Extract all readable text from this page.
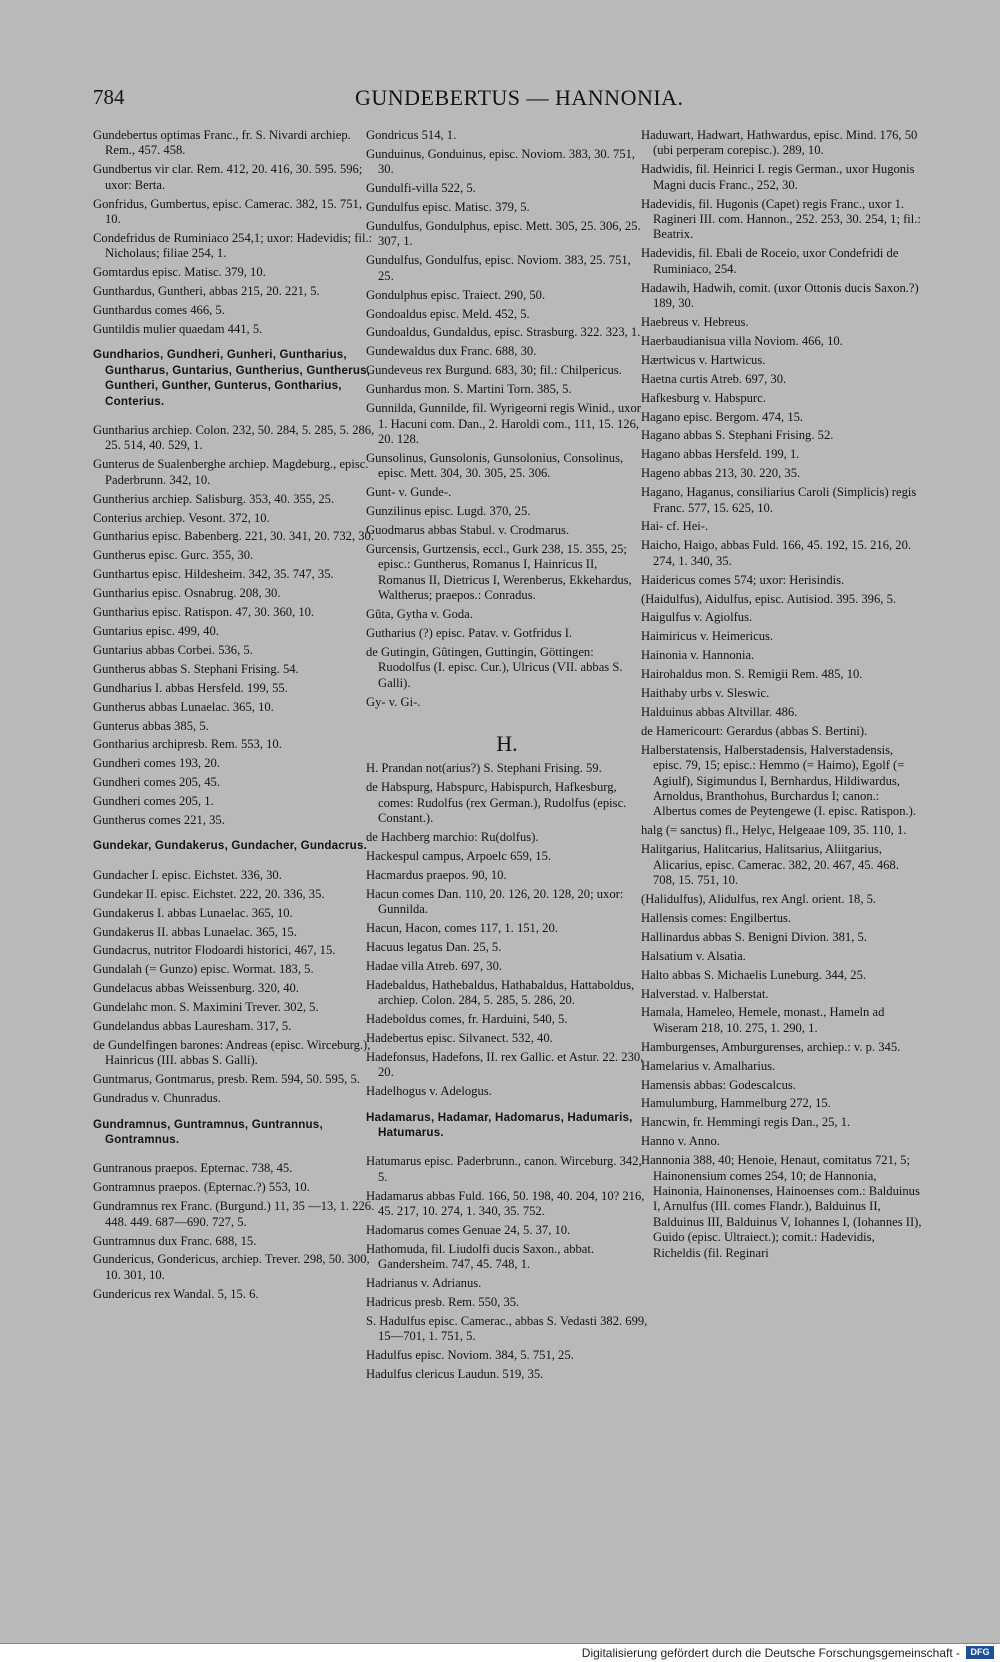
784	GUNDEBERTUS — HANNONIA.
Gundebertus optimas Franc., fr. S. Nivardi archiep. Rem., 457. 458.
Gundbertus vir clar. Rem. 412, 20. 416, 30. 595. 596; uxor: Berta.
Gonfridus, Gumbertus, episc. Camerac. 382, 15. 751, 10.
Condefridus de Ruminiaco 254,1; uxor: Hadevidis; fil.: Nicholaus; filiae 254, 1.
Gomtardus episc. Matisc. 379, 10.
Gunthardus, Guntheri, abbas 215, 20. 221, 5.
Gunthardus comes 466, 5.
Guntildis mulier quaedam 441, 5.
Gundharios, Gundheri, Gunheri, Guntharius, Guntharus, Guntarius, Guntherius, Guntherus, Guntheri, Gunther, Gunterus, Gontharius, Conterius.
Guntharius archiep. Colon. 232, 50. 284, 5. 285, 5. 286, 25. 514, 40. 529, 1.
Gunterus de Sualenberghe archiep. Magdeburg., episc. Paderbrunn. 342, 10.
Guntherius archiep. Salisburg. 353, 40. 355, 25.
Conterius archiep. Vesont. 372, 10.
Guntharius episc. Babenberg. 221, 30. 341, 20. 732, 30.
Guntherus episc. Gurc. 355, 30.
Gunthartus episc. Hildesheim. 342, 35. 747, 35.
Guntharius episc. Osnabrug. 208, 30.
Guntharius episc. Ratispon. 47, 30. 360, 10.
Guntarius episc. 499, 40.
Guntarius abbas Corbei. 536, 5.
Guntherus abbas S. Stephani Frising. 54.
Gundharius I. abbas Hersfeld. 199, 55.
Guntherus abbas Lunaelac. 365, 10.
Gunterus abbas 385, 5.
Gontharius archipresb. Rem. 553, 10.
Gundheri comes 193, 20.
Gundheri comes 205, 45.
Gundheri comes 205, 1.
Guntherus comes 221, 35.
Gundekar, Gundakerus, Gundacher, Gundacrus.
Gundacher I. episc. Eichstet. 336, 30.
Gundekar II. episc. Eichstet. 222, 20. 336, 35.
Gundakerus I. abbas Lunaelac. 365, 10.
Gundakerus II. abbas Lunaelac. 365, 15.
Gundacrus, nutritor Flodoardi historici, 467, 15.
Gundalah (= Gunzo) episc. Wormat. 183, 5.
Gundelacus abbas Weissenburg. 320, 40.
Gundelahc mon. S. Maximini Trever. 302, 5.
Gundelandus abbas Lauresham. 317, 5.
de Gundelfingen barones: Andreas (episc. Wirceburg.), Hainricus (III. abbas S. Galli).
Guntmarus, Gontmarus, presb. Rem. 594, 50. 595, 5.
Gundradus v. Chunradus.
Gundramnus, Guntramnus, Guntrannus, Gontramnus.
Guntranous praepos. Epternac. 738, 45.
Gontramnus praepos. (Epternac.?) 553, 10.
Gundramnus rex Franc. (Burgund.) 11, 35 —13, 1. 226. 448. 449. 687—690. 727, 5.
Guntramnus dux Franc. 688, 15.
Gundericus, Gondericus, archiep. Trever. 298, 50. 300, 10. 301, 10.
Gundericus rex Wandal. 5, 15. 6.
Gondricus 514, 1.
Gunduinus, Gonduinus, episc. Noviom. 383, 30. 751, 30.
Gundulfi-villa 522, 5.
Gundulfus episc. Matisc. 379, 5.
Gundulfus, Gondulphus, episc. Mett. 305, 25. 306, 25. 307, 1.
Gundulfus, Gondulfus, episc. Noviom. 383, 25. 751, 25.
Gondulphus episc. Traiect. 290, 50.
Gondoaldus episc. Meld. 452, 5.
Gundoaldus, Gundaldus, episc. Strasburg. 322. 323, 1.
Gundewaldus dux Franc. 688, 30.
Gundeveus rex Burgund. 683, 30; fil.: Chilpericus.
Gunhardus mon. S. Martini Torn. 385, 5.
Gunnilda, Gunnilde, fil. Wyrigeorni regis Winid., uxor 1. Hacuni com. Dan., 2. Haroldi com., 111, 15. 126, 20. 128.
Gunsolinus, Gunsolonis, Gunsolonius, Consolinus, episc. Mett. 304, 30. 305, 25. 306.
Gunt- v. Gunde-.
Gunzilinus episc. Lugd. 370, 25.
Guodmarus abbas Stabul. v. Crodmarus.
Gurcensis, Gurtzensis, eccl., Gurk 238, 15. 355, 25; episc.: Guntherus, Romanus I, Hainricus II, Romanus II, Dietricus I, Werenberus, Ekkehardus, Waltherus; praepos.: Conradus.
Gûta, Gytha v. Goda.
Gutharius (?) episc. Patav. v. Gotfridus I.
de Gutingin, Gûtingen, Guttingin, Göttingen: Ruodolfus (I. episc. Cur.), Ulricus (VII. abbas S. Galli).
Gy- v. Gi-.
H.
H. Prandan not(arius?) S. Stephani Frising. 59.
de Habspurg, Habspurc, Habispurch, Hafkesburg, comes: Rudolfus (rex German.), Rudolfus (episc. Constant.).
de Hachberg marchio: Ru(dolfus).
Hackespul campus, Arpoelc 659, 15.
Hacmardus praepos. 90, 10.
Hacun comes Dan. 110, 20. 126, 20. 128, 20; uxor: Gunnilda.
Hacun, Hacon, comes 117, 1. 151, 20.
Hacuus legatus Dan. 25, 5.
Hadae villa Atreb. 697, 30.
Hadebaldus, Hathebaldus, Hathabaldus, Hattaboldus, archiep. Colon. 284, 5. 285, 5. 286, 20.
Hadeboldus comes, fr. Harduini, 540, 5.
Hadebertus episc. Silvanect. 532, 40.
Hadefonsus, Hadefons, II. rex Gallic. et Astur. 22. 230, 20.
Hadelhogus v. Adelogus.
Hadamarus, Hadamar, Hadomarus, Hadumaris, Hatumarus.
Hatumarus episc. Paderbrunn., canon. Wirceburg. 342, 5.
Hadamarus abbas Fuld. 166, 50. 198, 40. 204, 10? 216, 45. 217, 10. 274, 1. 340, 35. 752.
Hadomarus comes Genuae 24, 5. 37, 10.
Hathomuda, fil. Liudolfi ducis Saxon., abbat. Gandersheim. 747, 45. 748, 1.
Hadrianus v. Adrianus.
Hadricus presb. Rem. 550, 35.
S. Hadulfus episc. Camerac., abbas S. Vedasti 382. 699, 15—701, 1. 751, 5.
Hadulfus episc. Noviom. 384, 5. 751, 25.
Hadulfus clericus Laudun. 519, 35.
Haduwart, Hadwart, Hathwardus, episc. Mind. 176, 50 (ubi perperam corepisc.). 289, 10.
Hadwidis, fil. Heinrici I. regis German., uxor Hugonis Magni ducis Franc., 252, 30.
Hadevidis, fil. Hugonis (Capet) regis Franc., uxor 1. Ragineri III. com. Hannon., 252. 253, 30. 254, 1; fil.: Beatrix.
Hadevidis, fil. Ebali de Roceio, uxor Condefridi de Ruminiaco, 254.
Hadawih, Hadwih, comit. (uxor Ottonis ducis Saxon.?) 189, 30.
Haebreus v. Hebreus.
Haerbaudianisua villa Noviom. 466, 10.
Hærtwicus v. Hartwicus.
Haetna curtis Atreb. 697, 30.
Hafkesburg v. Habspurc.
Hagano episc. Bergom. 474, 15.
Hagano abbas S. Stephani Frising. 52.
Hagano abbas Hersfeld. 199, 1.
Hageno abbas 213, 30. 220, 35.
Hagano, Haganus, consiliarius Caroli (Simplicis) regis Franc. 577, 15. 625, 10.
Hai- cf. Hei-.
Haicho, Haigo, abbas Fuld. 166, 45. 192, 15. 216, 20. 274, 1. 340, 35.
Haidericus comes 574; uxor: Herisindis.
(Haidulfus), Aidulfus, episc. Autisiod. 395. 396, 5.
Haigulfus v. Agiolfus.
Haimiricus v. Heimericus.
Hainonia v. Hannonia.
Hairohaldus mon. S. Remigii Rem. 485, 10.
Haithaby urbs v. Sleswic.
Halduinus abbas Altvillar. 486.
de Hamericourt: Gerardus (abbas S. Bertini).
Halberstatensis, Halberstadensis, Halverstadensis, episc. 79, 15; episc.: Hemmo (= Haimo), Egolf (= Agiulf), Sigimundus I, Bernhardus, Hildiwardus, Arnoldus, Branthohus, Burchardus I; canon.: Albertus comes de Peytengewe (I. episc. Ratispon.).
halg (= sanctus) fl., Helyc, Helgeaae 109, 35. 110, 1.
Halitgarius, Halitcarius, Halitsarius, Aliitgarius, Alicarius, episc. Camerac. 382, 20. 467, 45. 468. 708, 15. 751, 10.
(Halidulfus), Alidulfus, rex Angl. orient. 18, 5.
Hallensis comes: Engilbertus.
Hallinardus abbas S. Benigni Divion. 381, 5.
Halsatium v. Alsatia.
Halto abbas S. Michaelis Luneburg. 344, 25.
Halverstad. v. Halberstat.
Hamala, Hameleo, Hemele, monast., Hameln ad Wiseram 218, 10. 275, 1. 290, 1.
Hamburgenses, Amburgurenses, archiep.: v. p. 345.
Hamelarius v. Amalharius.
Hamensis abbas: Godescalcus.
Hamulumburg, Hammelburg 272, 15.
Hancwin, fr. Hemmingi regis Dan., 25, 1.
Hanno v. Anno.
Hannonia 388, 40; Henoie, Henaut, comitatus 721, 5; Hainonensium comes 254, 10; de Hannonia, Hainonia, Hainonenses, Hainoenses com.: Balduinus I, Arnulfus (III. comes Flandr.), Balduinus II, Balduinus III, Balduinus V, Iohannes I, (Iohannes II), Guido (episc. Ultraiect.); comit.: Hadevidis, Richeldis (fil. Reginari
Digitalisierung gefördert durch die Deutsche Forschungsgemeinschaft -	DFG
